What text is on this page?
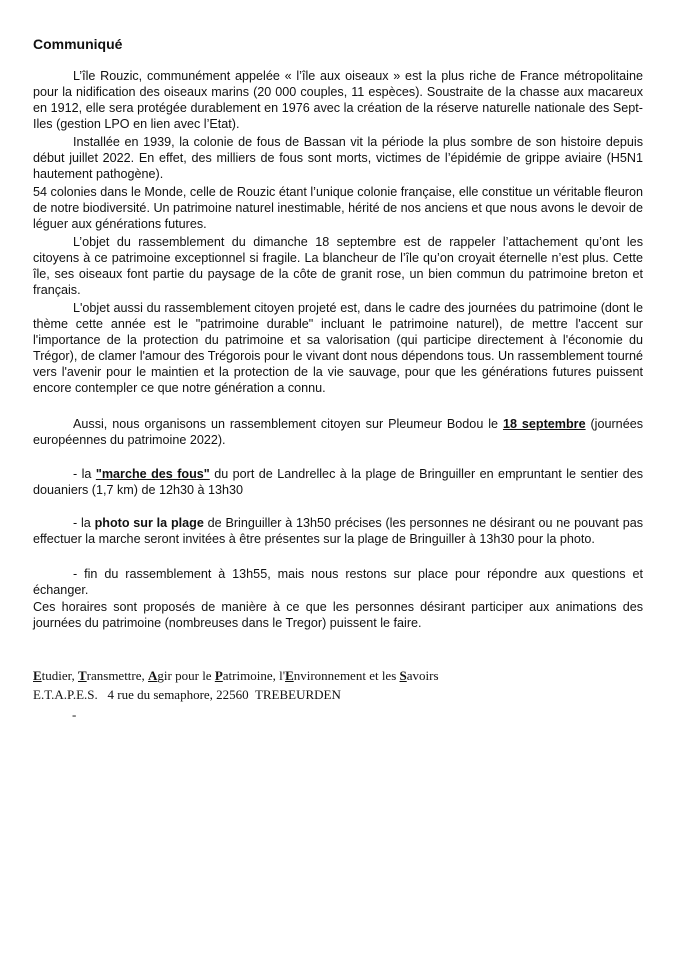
Communiqué

L’île Rouzic, communément appelée « l’île aux oiseaux » est la plus riche de France métropolitaine pour la nidification des oiseaux marins (20 000 couples, 11 espèces). Soustraite de la chasse aux macareux en 1912, elle sera protégée durablement en 1976 avec la création de la réserve naturelle nationale des Sept-Iles (gestion LPO en lien avec l’Etat).

Installée en 1939, la colonie de fous de Bassan vit la période la plus sombre de son histoire depuis début juillet 2022. En effet, des milliers de fous sont morts, victimes de l’épidémie de grippe aviaire (H5N1 hautement pathogène).

54 colonies dans le Monde, celle de Rouzic étant l’unique colonie française, elle constitue un véritable fleuron de notre biodiversité. Un patrimoine naturel inestimable, hérité de nos anciens et que nous avons le devoir de léguer aux générations futures.

L’objet du rassemblement du dimanche 18 septembre est de rappeler l’attachement qu’ont les citoyens à ce patrimoine exceptionnel si fragile. La blancheur de l’île qu’on croyait éternelle n’est plus. Cette île, ses oiseaux font partie du paysage de la côte de granit rose, un bien commun du patrimoine breton et français.

L'objet aussi du rassemblement citoyen projeté est, dans le cadre des journées du patrimoine (dont le thème cette année est le "patrimoine durable" incluant le patrimoine naturel), de mettre l'accent sur l'importance de la protection du patrimoine et sa valorisation (qui participe directement à l'économie du Trégor), de clamer l'amour des Trégorois pour le vivant dont nous dépendons tous. Un rassemblement tourné vers l'avenir pour le maintien et la protection de la vie sauvage, pour que les générations futures puissent encore contempler ce que notre génération a connu.

Aussi, nous organisons un rassemblement citoyen sur Pleumeur Bodou le 18 septembre (journées européennes du patrimoine 2022).

- la "marche des fous" du port de Landrellec à la plage de Bringuiller en empruntant le sentier des douaniers (1,7 km) de 12h30 à 13h30

- la photo sur la plage de Bringuiller à 13h50 précises (les personnes ne désirant ou ne pouvant pas effectuer la marche seront invitées à être présentes sur la plage de Bringuiller à 13h30 pour la photo.

- fin du rassemblement à 13h55, mais nous restons sur place pour répondre aux questions et échanger.

Ces horaires sont proposés de manière à ce que les personnes désirant participer aux animations des journées du patrimoine (nombreuses dans le Tregor) puissent le faire.

Etudier, Transmettre, Agir pour le Patrimoine, l'Environnement et les Savoirs
E.T.A.P.E.S.   4 rue du semaphore, 22560  TREBEURDEN
-
